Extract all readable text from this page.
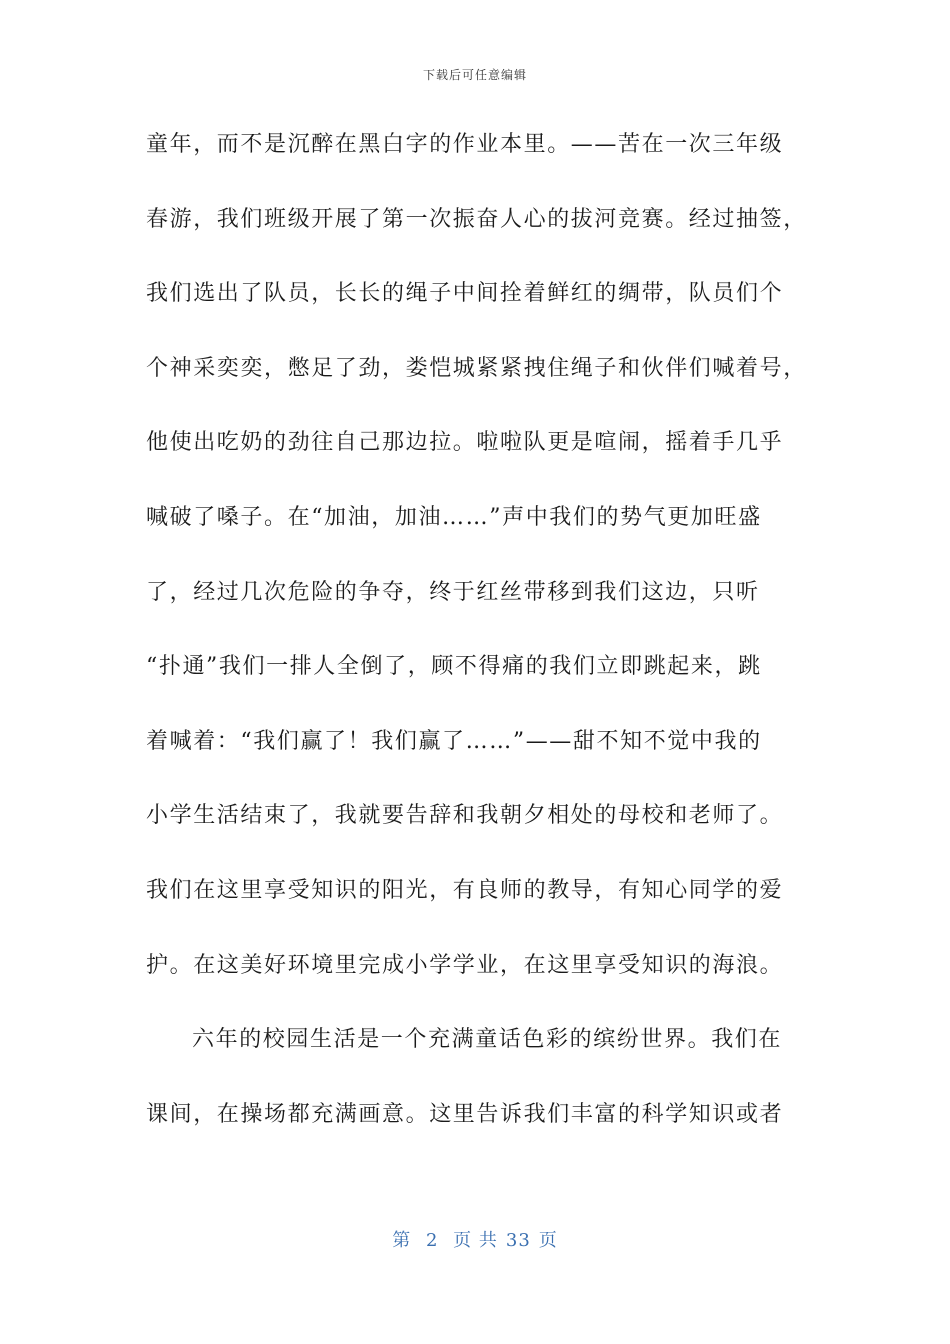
下载后可任意编辑
童年，而不是沉醉在黑白字的作业本里。——苦在一次三年级
春游，我们班级开展了第一次振奋人心的拔河竞赛。经过抽签，
我们选出了队员，长长的绳子中间拴着鲜红的绸带，队员们个
个神采奕奕，憋足了劲，娄恺城紧紧拽住绳子和伙伴们喊着号，
他使出吃奶的劲往自己那边拉。啦啦队更是喧闹，摇着手几乎
喊破了嗓子。在“加油，加油……”声中我们的势气更加旺盛
了，经过几次危险的争夺，终于红丝带移到我们这边，只听
“扑通”我们一排人全倒了，顾不得痛的我们立即跳起来，跳
着喊着：“我们赢了！我们赢了……”——甜不知不觉中我的
小学生活结束了，我就要告辞和我朝夕相处的母校和老师了。
我们在这里享受知识的阳光，有良师的教导，有知心同学的爱
护。在这美好环境里完成小学学业，在这里享受知识的海浪。
六年的校园生活是一个充满童话色彩的缤纷世界。我们在
课间，在操场都充满画意。这里告诉我们丰富的科学知识或者
第 2 页 共 33 页
